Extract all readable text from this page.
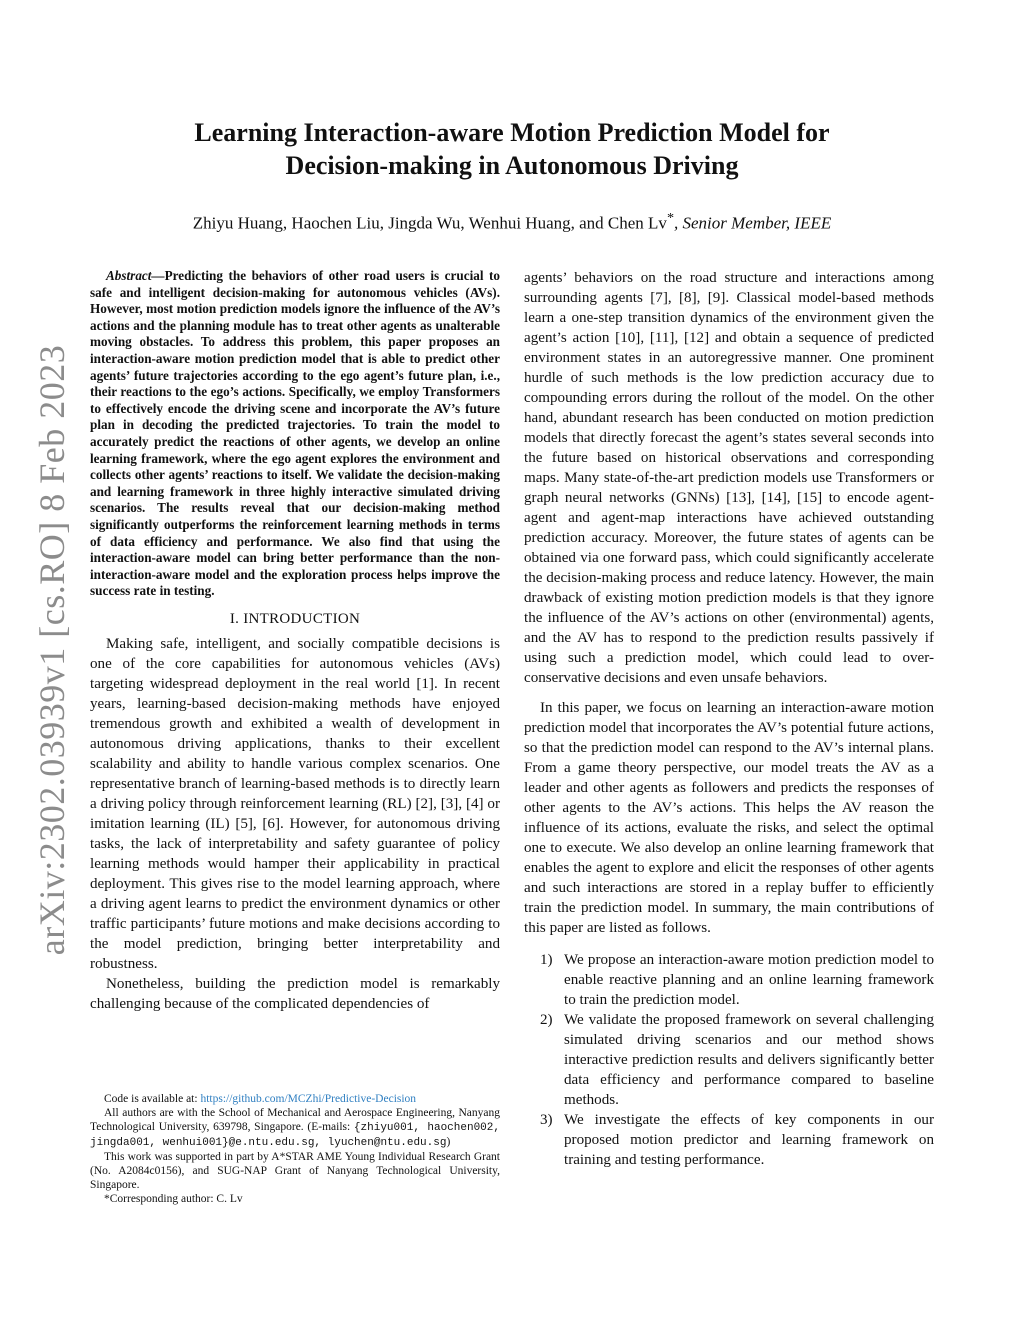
arXiv:2302.03939v1 [cs.RO] 8 Feb 2023
Learning Interaction-aware Motion Prediction Model for
Decision-making in Autonomous Driving
Zhiyu Huang, Haochen Liu, Jingda Wu, Wenhui Huang, and Chen Lv*, Senior Member, IEEE

Abstract—Predicting the behaviors of other road users is crucial to safe and intelligent decision-making for autonomous vehicles (AVs). However, most motion prediction models ignore the influence of the AV’s actions and the planning module has to treat other agents as unalterable moving obstacles. To address this problem, this paper proposes an interaction-aware motion prediction model that is able to predict other agents’ future trajectories according to the ego agent’s future plan, i.e., their reactions to the ego’s actions. Specifically, we employ Transformers to effectively encode the driving scene and incorporate the AV’s future plan in decoding the predicted trajectories. To train the model to accurately predict the reactions of other agents, we develop an online learning framework, where the ego agent explores the environment and collects other agents’ reactions to itself. We validate the decision-making and learning framework in three highly interactive simulated driving scenarios. The results reveal that our decision-making method significantly outperforms the reinforcement learning methods in terms of data efficiency and performance. We also find that using the interaction-aware model can bring better performance than the non-interaction-aware model and the exploration process helps improve the success rate in testing.

I. INTRODUCTION

Making safe, intelligent, and socially compatible decisions is one of the core capabilities for autonomous vehicles (AVs) targeting widespread deployment in the real world [1]. In recent years, learning-based decision-making methods have enjoyed tremendous growth and exhibited a wealth of development in autonomous driving applications, thanks to their excellent scalability and ability to handle various complex scenarios. One representative branch of learning-based methods is to directly learn a driving policy through reinforcement learning (RL) [2], [3], [4] or imitation learning (IL) [5], [6]. However, for autonomous driving tasks, the lack of interpretability and safety guarantee of policy learning methods would hamper their applicability in practical deployment. This gives rise to the model learning approach, where a driving agent learns to predict the environment dynamics or other traffic participants’ future motions and make decisions according to the model prediction, bringing better interpretability and robustness.

Nonetheless, building the prediction model is remarkably challenging because of the complicated dependencies of

Code is available at: https://github.com/MCZhi/Predictive-Decision

All authors are with the School of Mechanical and Aerospace Engineering, Nanyang Technological University, 639798, Singapore. (E-mails: {zhiyu001, haochen002, jingda001, wenhui001}@e.ntu.edu.sg, lyuchen@ntu.edu.sg)

This work was supported in part by A*STAR AME Young Individual Research Grant (No. A2084c0156), and SUG-NAP Grant of Nanyang Technological University, Singapore.

*Corresponding author: C. Lv

agents’ behaviors on the road structure and interactions among surrounding agents [7], [8], [9]. Classical model-based methods learn a one-step transition dynamics of the environment given the agent’s action [10], [11], [12] and obtain a sequence of predicted environment states in an autoregressive manner. One prominent hurdle of such methods is the low prediction accuracy due to compounding errors during the rollout of the model. On the other hand, abundant research has been conducted on motion prediction models that directly forecast the agent’s states several seconds into the future based on historical observations and corresponding maps. Many state-of-the-art prediction models use Transformers or graph neural networks (GNNs) [13], [14], [15] to encode agent-agent and agent-map interactions have achieved outstanding prediction accuracy. Moreover, the future states of agents can be obtained via one forward pass, which could significantly accelerate the decision-making process and reduce latency. However, the main drawback of existing motion prediction models is that they ignore the influence of the AV’s actions on other (environmental) agents, and the AV has to respond to the prediction results passively if using such a prediction model, which could lead to over-conservative decisions and even unsafe behaviors.

In this paper, we focus on learning an interaction-aware motion prediction model that incorporates the AV’s potential future actions, so that the prediction model can respond to the AV’s internal plans. From a game theory perspective, our model treats the AV as a leader and other agents as followers and predicts the responses of other agents to the AV’s actions. This helps the AV reason the influence of its actions, evaluate the risks, and select the optimal one to execute. We also develop an online learning framework that enables the agent to explore and elicit the responses of other agents and such interactions are stored in a replay buffer to efficiently train the prediction model. In summary, the main contributions of this paper are listed as follows.

1) We propose an interaction-aware motion prediction model to enable reactive planning and an online learning framework to train the prediction model.
2) We validate the proposed framework on several challenging simulated driving scenarios and our method shows interactive prediction results and delivers significantly better data efficiency and performance compared to baseline methods.
3) We investigate the effects of key components in our proposed motion predictor and learning framework on training and testing performance.
